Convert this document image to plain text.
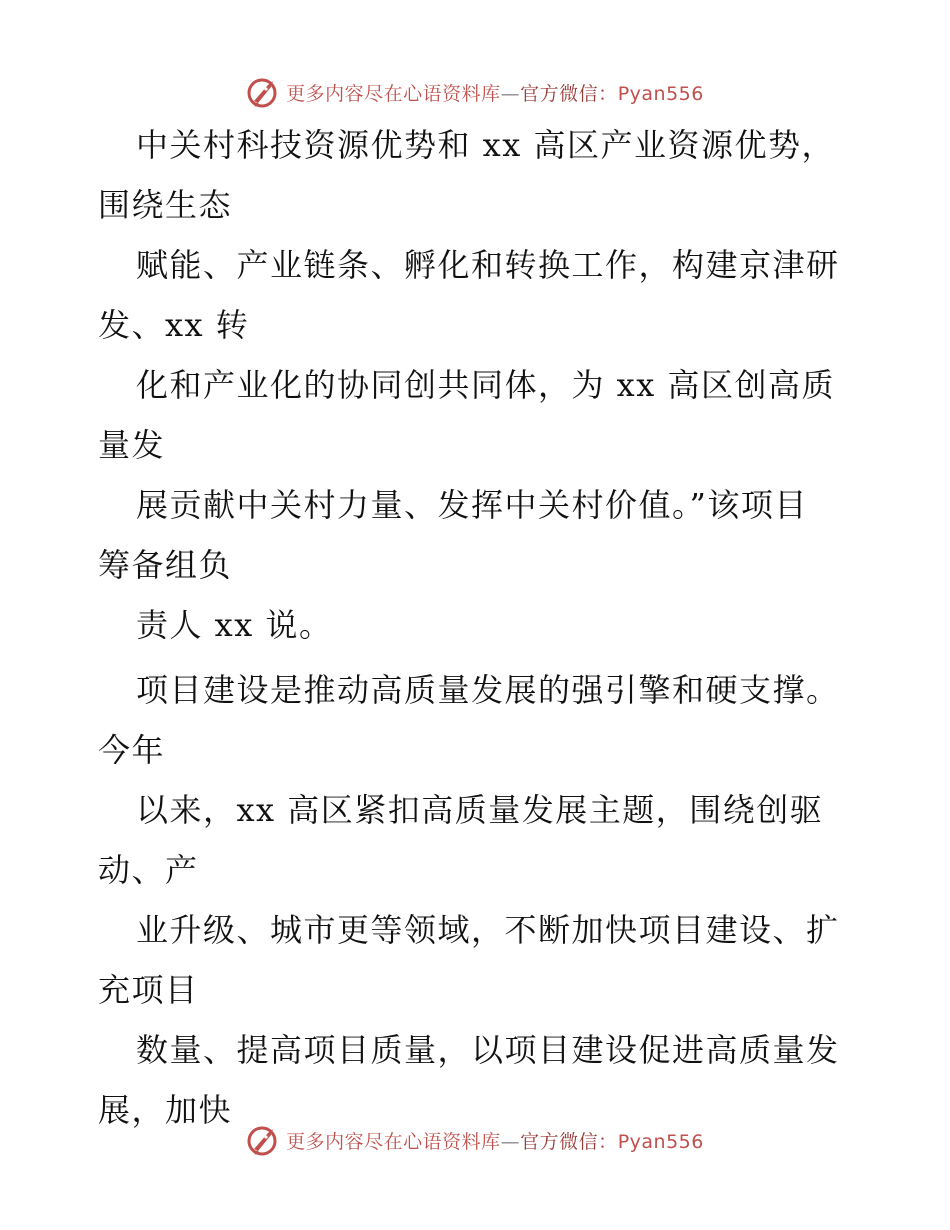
更多内容尽在心语资料库—官方微信：Pyan556
中关村科技资源优势和 xx 高区产业资源优势，
围绕生态
赋能、产业链条、孵化和转换工作，构建京津研
发、xx 转
化和产业化的协同创共同体，为 xx 高区创高质
量发
展贡献中关村力量、发挥中关村价值。”该项目
筹备组负
责人 xx 说。
项目建设是推动高质量发展的强引擎和硬支撑。
今年
以来，xx 高区紧扣高质量发展主题，围绕创驱
动、产
业升级、城市更等领域，不断加快项目建设、扩
充项目
数量、提高项目质量，以项目建设促进高质量发
展，加快
更多内容尽在心语资料库—官方微信：Pyan556
